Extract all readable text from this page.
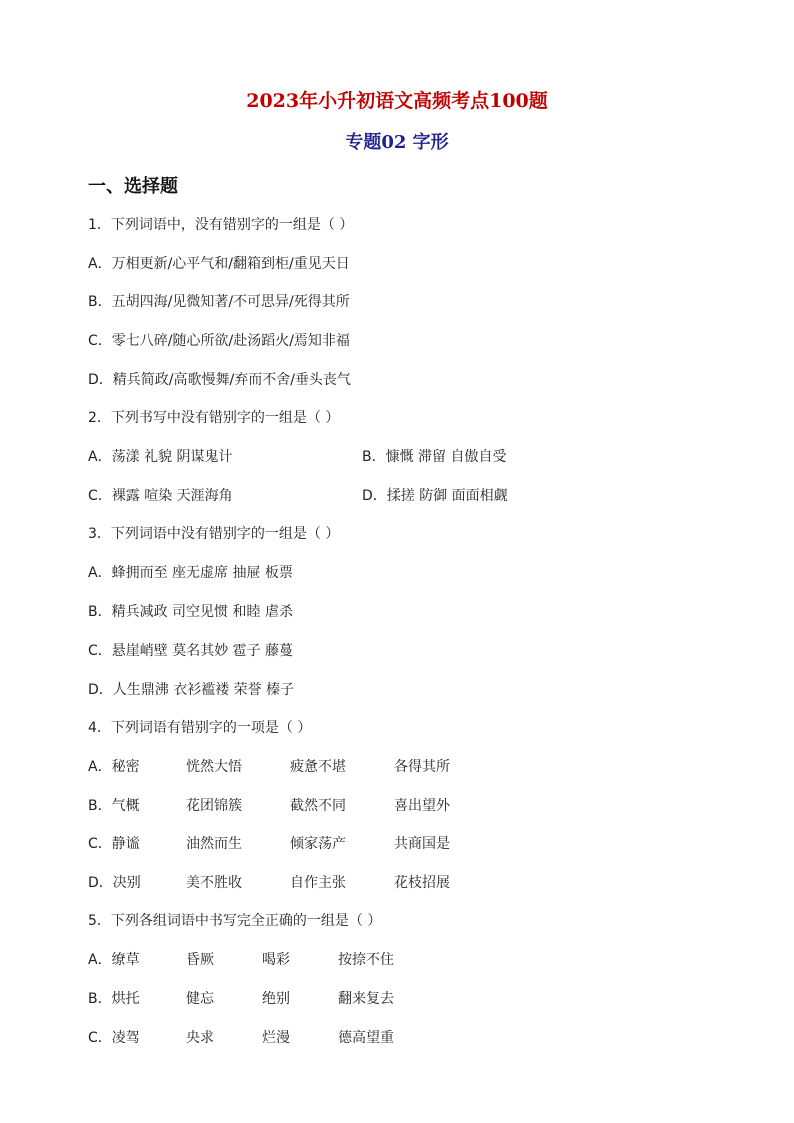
2023年小升初语文高频考点100题
专题02 字形
一、选择题
1．下列词语中，没有错别字的一组是（ ）
A．万相更新/心平气和/翻箱到柜/重见天日
B．五胡四海/见微知著/不可思异/死得其所
C．零七八碎/随心所欲/赴汤蹈火/焉知非福
D．精兵简政/高歌慢舞/弃而不舍/垂头丧气
2．下列书写中没有错别字的一组是（ ）
A．荡漾 礼貌 阴谋鬼计	B．慷慨 滞留 自傲自受
C．裸露 喧染 天涯海角	D．揉搓 防御 面面相觑
3．下列词语中没有错别字的一组是（ ）
A．蜂拥而至 座无虚席 抽屉 板票
B．精兵减政 司空见惯 和睦 虐杀
C．悬崖峭壁 莫名其妙 雹子 藤蔓
D．人生鼎沸 衣衫褴褛 荣誉 榛子
4．下列词语有错别字的一项是（ ）
A．秘密	恍然大悟	疲惫不堪	各得其所
B．气概	花团锦簇	截然不同	喜出望外
C．静谧	油然而生	倾家荡产	共商国是
D．决别	美不胜收	自作主张	花枝招展
5．下列各组词语中书写完全正确的一组是（ ）
A．缭草	昏厥	喝彩	按捺不住
B．烘托	健忘	绝别	翻来复去
C．凌驾	央求	烂漫	德高望重
